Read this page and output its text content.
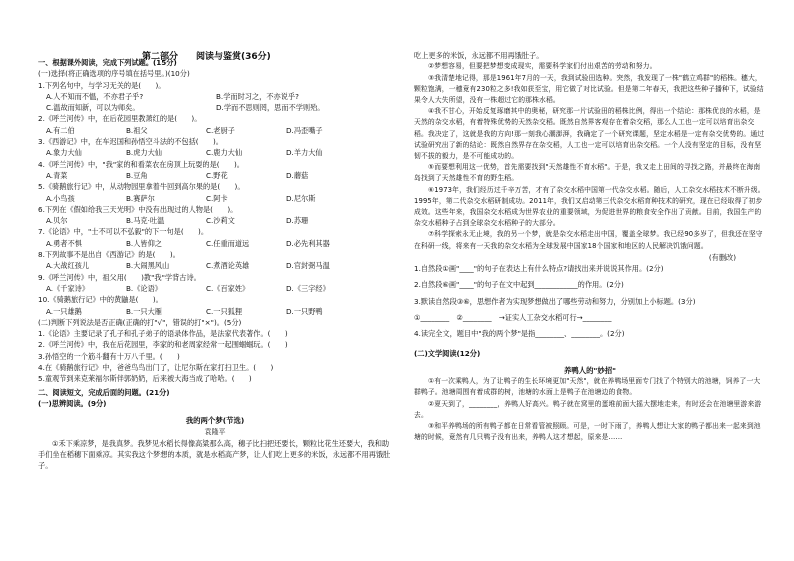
第二部分　　阅读与鉴赏(36分)
一、根据课外阅读，完成下列试题。(15分)
(一)选择(将正确选项的序号填在括号里。)(10分)
1.下列名句中，与学习无关的是(　　)。
A.人不知而不愠，不亦君子乎?	B.学而时习之，不亦说乎?
C.温故而知新，可以为师矣。	D.学而不思则罔，思而不学则殆。
2.《呼兰河传》中，在后花园里教萧红的是(　　)。
A.有二伯	B.祖父	C.老厨子	D.冯歪嘴子
3.《西游记》中，在车迟国和孙悟空斗法的不包括(　　)。
A.象力大仙	B.虎力大仙	C.鹿力大仙	D.羊力大仙
4.《呼兰河传》中，"我"家的和看菜农在房顶上玩耍的是(　　)。
A.青菜	B.豆角	C.野花	D.蘑菇
5.《骑鹅旅行记》中，从动物园里拿着牛回到高尔果的是(　　)。
A.小鸟孩	B.赛萨尔	C.阿卡	D.尼尔斯
6.下列在《假如给我三天光明》中没有出现过的人物是(　　)。
A.贝尔	B.马克·吐温	C.沙莉文	D.苏珊
7.《论语》中，"士不可以不弘毅"的下一句是(　　)。
A.勇者不惧	B.人皆仰之	C.任重而道远	D.必先利其器
8.下列故事不是出自《西游记》的是(　　)。
A.大战红孩儿	B.大闹黑风山	C.煮酒论英雄	D.官封弼马温
9.《呼兰河传》中，祖父用(　　)教"我"学背古诗。
A.《千家诗》	B.《论语》	C.《百家姓》	D.《三字经》
10.《骑鹅旅行记》中的黄鼬是(　　)。
A.一只雄鹅	B.一只大雁	C.一只狐狸	D.一只野鸭
(二)判断下列说法是否正确(正确的打"√"，错误的打"×")。(5分)
1.《论语》主要记录了孔子和孔子弟子的语录体作品，是法家代表著作。(　　)
2.《呼兰河传》中，我在后花园里，李家的和老周家经常一起围蝈蝈玩。(　　)
3.孙悟空的一个筋斗翻有十万八千里。(　　)
4.在《骑鹅旅行记》中，爸爸鸟鸟出门了，让尼尔斯在家打扫卫生。(　　)
5.童观节到来克莱福尔斯伴郭奶奶，后来被大海当成了哈哈。(　　)
二、阅读短文，完成后面的问题。(21分)
(一)思辨阅读。(9分)
我的两个梦(节选)
袁隆平
①禾下乘凉梦，是我真梦。我梦见水稻长得像高粱那么高，穗子比扫把还要长，颗粒比花生还要大，我和助手们坐在稻穗下面乘凉。其实我这个梦想的本质，就是水稻高产梦，让人们吃上更多的米饭，永远都不用再饿肚子。
吃上更多的米饭，永远都不用再饿肚子。
②梦想容易，但要把梦想变成现实，需要科学家们付出艰苦的劳动和努力。
③我清楚地记得，那是1961年7月的一天，我到试验田选种。突然，我发现了一株"鹤立鸡群"的稻株。穗大，颗粒饱满，一穗竟有230粒之多!我如获至宝，用它做了对比试验。但是第二年春天，我把这些种子播种下，试验结果令人大失所望，没有一株超过它的那株水稻。
④我不甘心，开始反复琢磨其中的奥秘，研究那一片试验田的稻株比例，得出一个结论：那株优良的水稻，是天然的杂交水稻，有着特殊优势的天然杂交稻。既然自然界客观存在着杂交稻，那么人工也一定可以培育出杂交稻。我决定了，这就是我的方向!那一刻我心潮澎湃，我确定了一个研究课题，坚定水稻是一定有杂交优势的。通过试验研究出了新的结论：既然自然界存在杂交稻，人工也一定可以培育出杂交稻。一个人没有坚定的目标，没有坚韧不拔的毅力，是不可能成功的。
⑤而要想利用这一优势，首先需要找到"天然雄性不育水稻"。于是，我又走上田间的寻找之路，并最终在海南岛找到了天然雄性不育的野生稻。
⑥1973年，我们经历过千辛万苦，才有了杂交水稻中国第一代杂交水稻。随后，人工杂交水稻技术不断升级。1995年，第二代杂交水稻研制成功。2011年，我们又启动第三代杂交水稻育种技术的研究，现在已经取得了初步成效。这些年来，我国杂交水稻成为世界农业的重要领域，为促进世界的粮食安全作出了贡献。目前，我国生产的杂交水稻种子占到全球杂交水稻种子的大部分。
⑦科学探索永无止境，我的另一个梦，就是杂交水稻走出中国，覆盖全球梦。我已经90多岁了，但我还在坚守在科研一线，将来有一天我的杂交水稻为全球发展中国家18个国家和地区的人民解决饥饿问题。
(有删改)
1.自然段①画"____"的句子在表达上有什么特点?请找出来并说说其作用。(2分)
2.自然段⑥画"____"的句子在文中起到____________的作用。(2分)
3.默读自然段③⑥，思想作者为实现梦想做出了哪些劳动和努力，分别加上小标题。(3分)
①________　②________　→证实人工杂交水稻可行→________
4.读完全文，题目中"我的两个梦"是指________、________。(2分)
(二)文学阅读(12分)
养鸭人的"妙招"
①有一次乘鸭人，为了让鸭子的生长环境更加"天然"，就在养鸭场里面专门找了个特别大的池塘，饲养了一大群鸭子。池塘周围有着成群的树，池塘的水面上是鸭子在池塘边的食物。
②夏天到了，________，养鸭人好高兴。鸭子就在窝里的蛋堆前面大摇大摆地走来，有时还会在池塘里游来游去。
③和平养鸭场的所有鸭子都在日常看管被照顾。可是，一时下雨了，养鸭人想让大家的鸭子都出来一起来到池塘的时候，竟然有几只鸭子没有出来，养鸭人这才想起，原来是……
